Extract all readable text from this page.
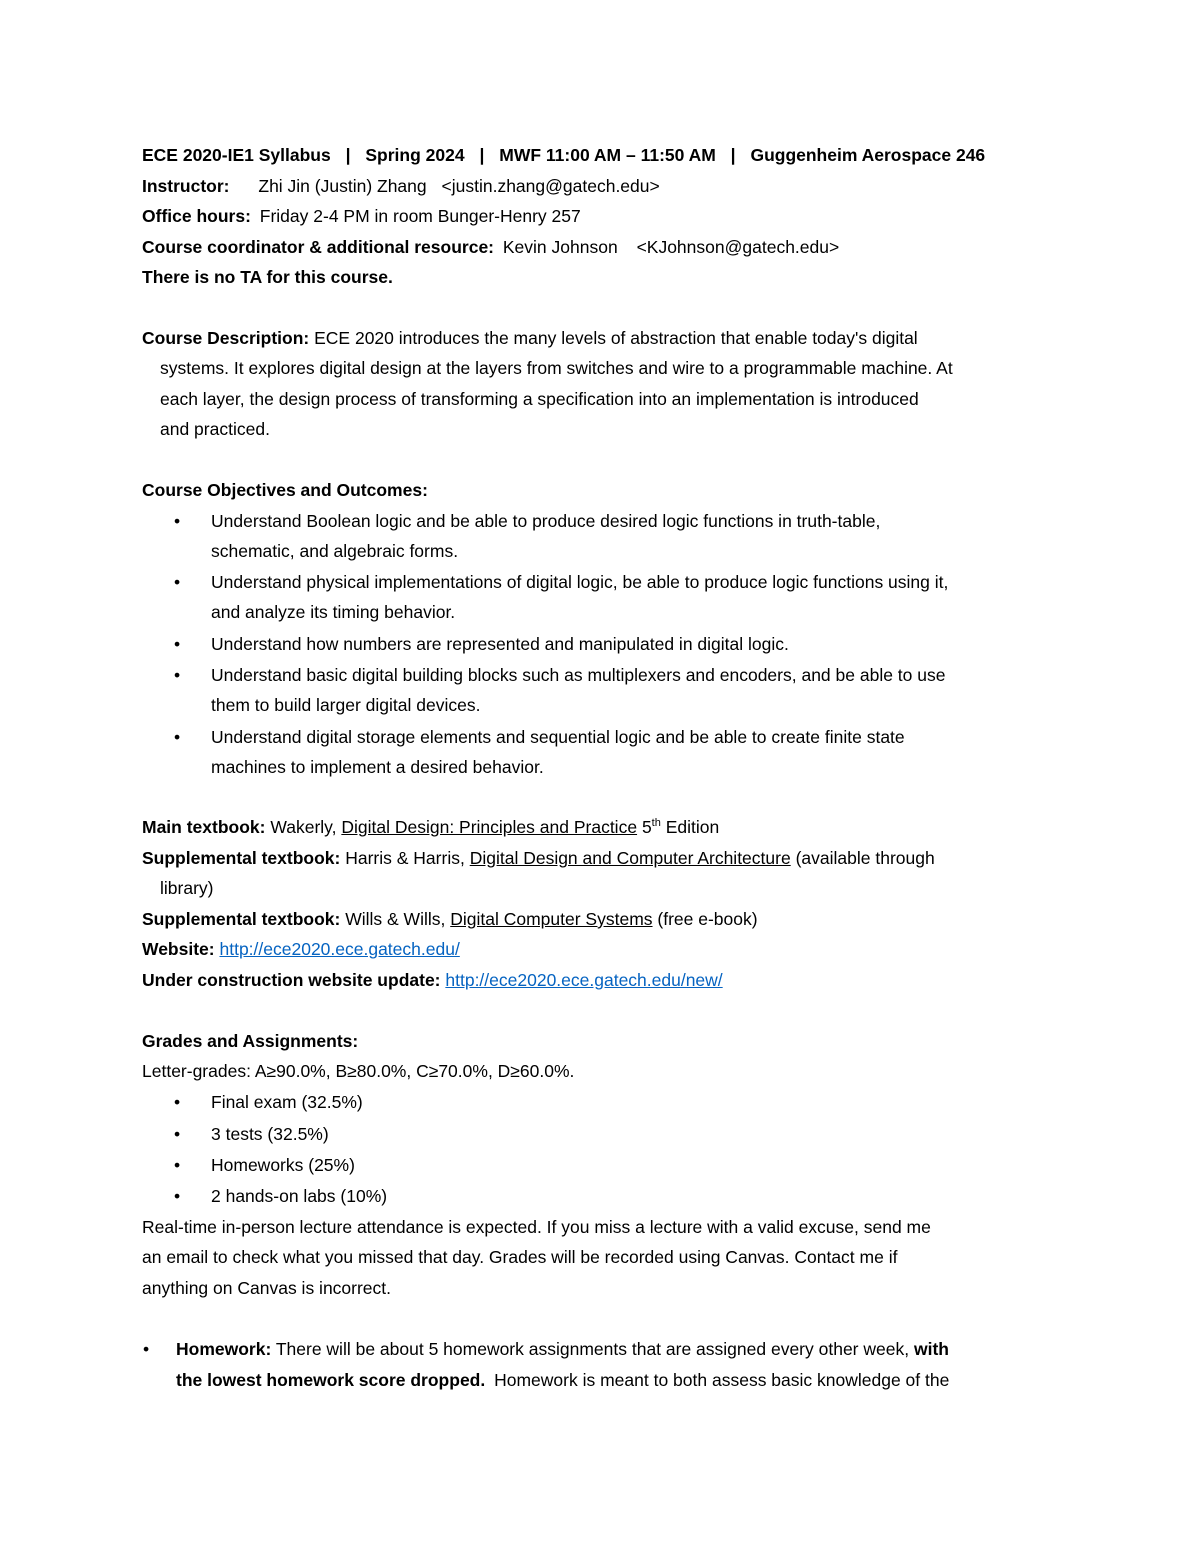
ECE 2020-IE1 Syllabus | Spring 2024 | MWF 11:00 AM – 11:50 AM | Guggenheim Aerospace 246
Instructor: Zhi Jin (Justin) Zhang <justin.zhang@gatech.edu>
Office hours: Friday 2-4 PM in room Bunger-Henry 257
Course coordinator & additional resource: Kevin Johnson <KJohnson@gatech.edu>
There is no TA for this course.
Course Description: ECE 2020 introduces the many levels of abstraction that enable today's digital
systems. It explores digital design at the layers from switches and wire to a programmable machine. At
each layer, the design process of transforming a specification into an implementation is introduced
and practiced.
Course Objectives and Outcomes:
• Understand Boolean logic and be able to produce desired logic functions in truth-table,
schematic, and algebraic forms.
• Understand physical implementations of digital logic, be able to produce logic functions using it,
and analyze its timing behavior.
• Understand how numbers are represented and manipulated in digital logic.
• Understand basic digital building blocks such as multiplexers and encoders, and be able to use
them to build larger digital devices.
• Understand digital storage elements and sequential logic and be able to create finite state
machines to implement a desired behavior.
Main textbook: Wakerly, Digital Design: Principles and Practice 5th Edition
Supplemental textbook: Harris & Harris, Digital Design and Computer Architecture (available through
library)
Supplemental textbook: Wills & Wills, Digital Computer Systems (free e-book)
Website: http://ece2020.ece.gatech.edu/
Under construction website update: http://ece2020.ece.gatech.edu/new/
Grades and Assignments:
Letter-grades: A≥90.0%, B≥80.0%, C≥70.0%, D≥60.0%.
• Final exam (32.5%)
• 3 tests (32.5%)
• Homeworks (25%)
• 2 hands-on labs (10%)
Real-time in-person lecture attendance is expected. If you miss a lecture with a valid excuse, send me
an email to check what you missed that day. Grades will be recorded using Canvas. Contact me if
anything on Canvas is incorrect.
• Homework: There will be about 5 homework assignments that are assigned every other week, with
the lowest homework score dropped. Homework is meant to both assess basic knowledge of the
